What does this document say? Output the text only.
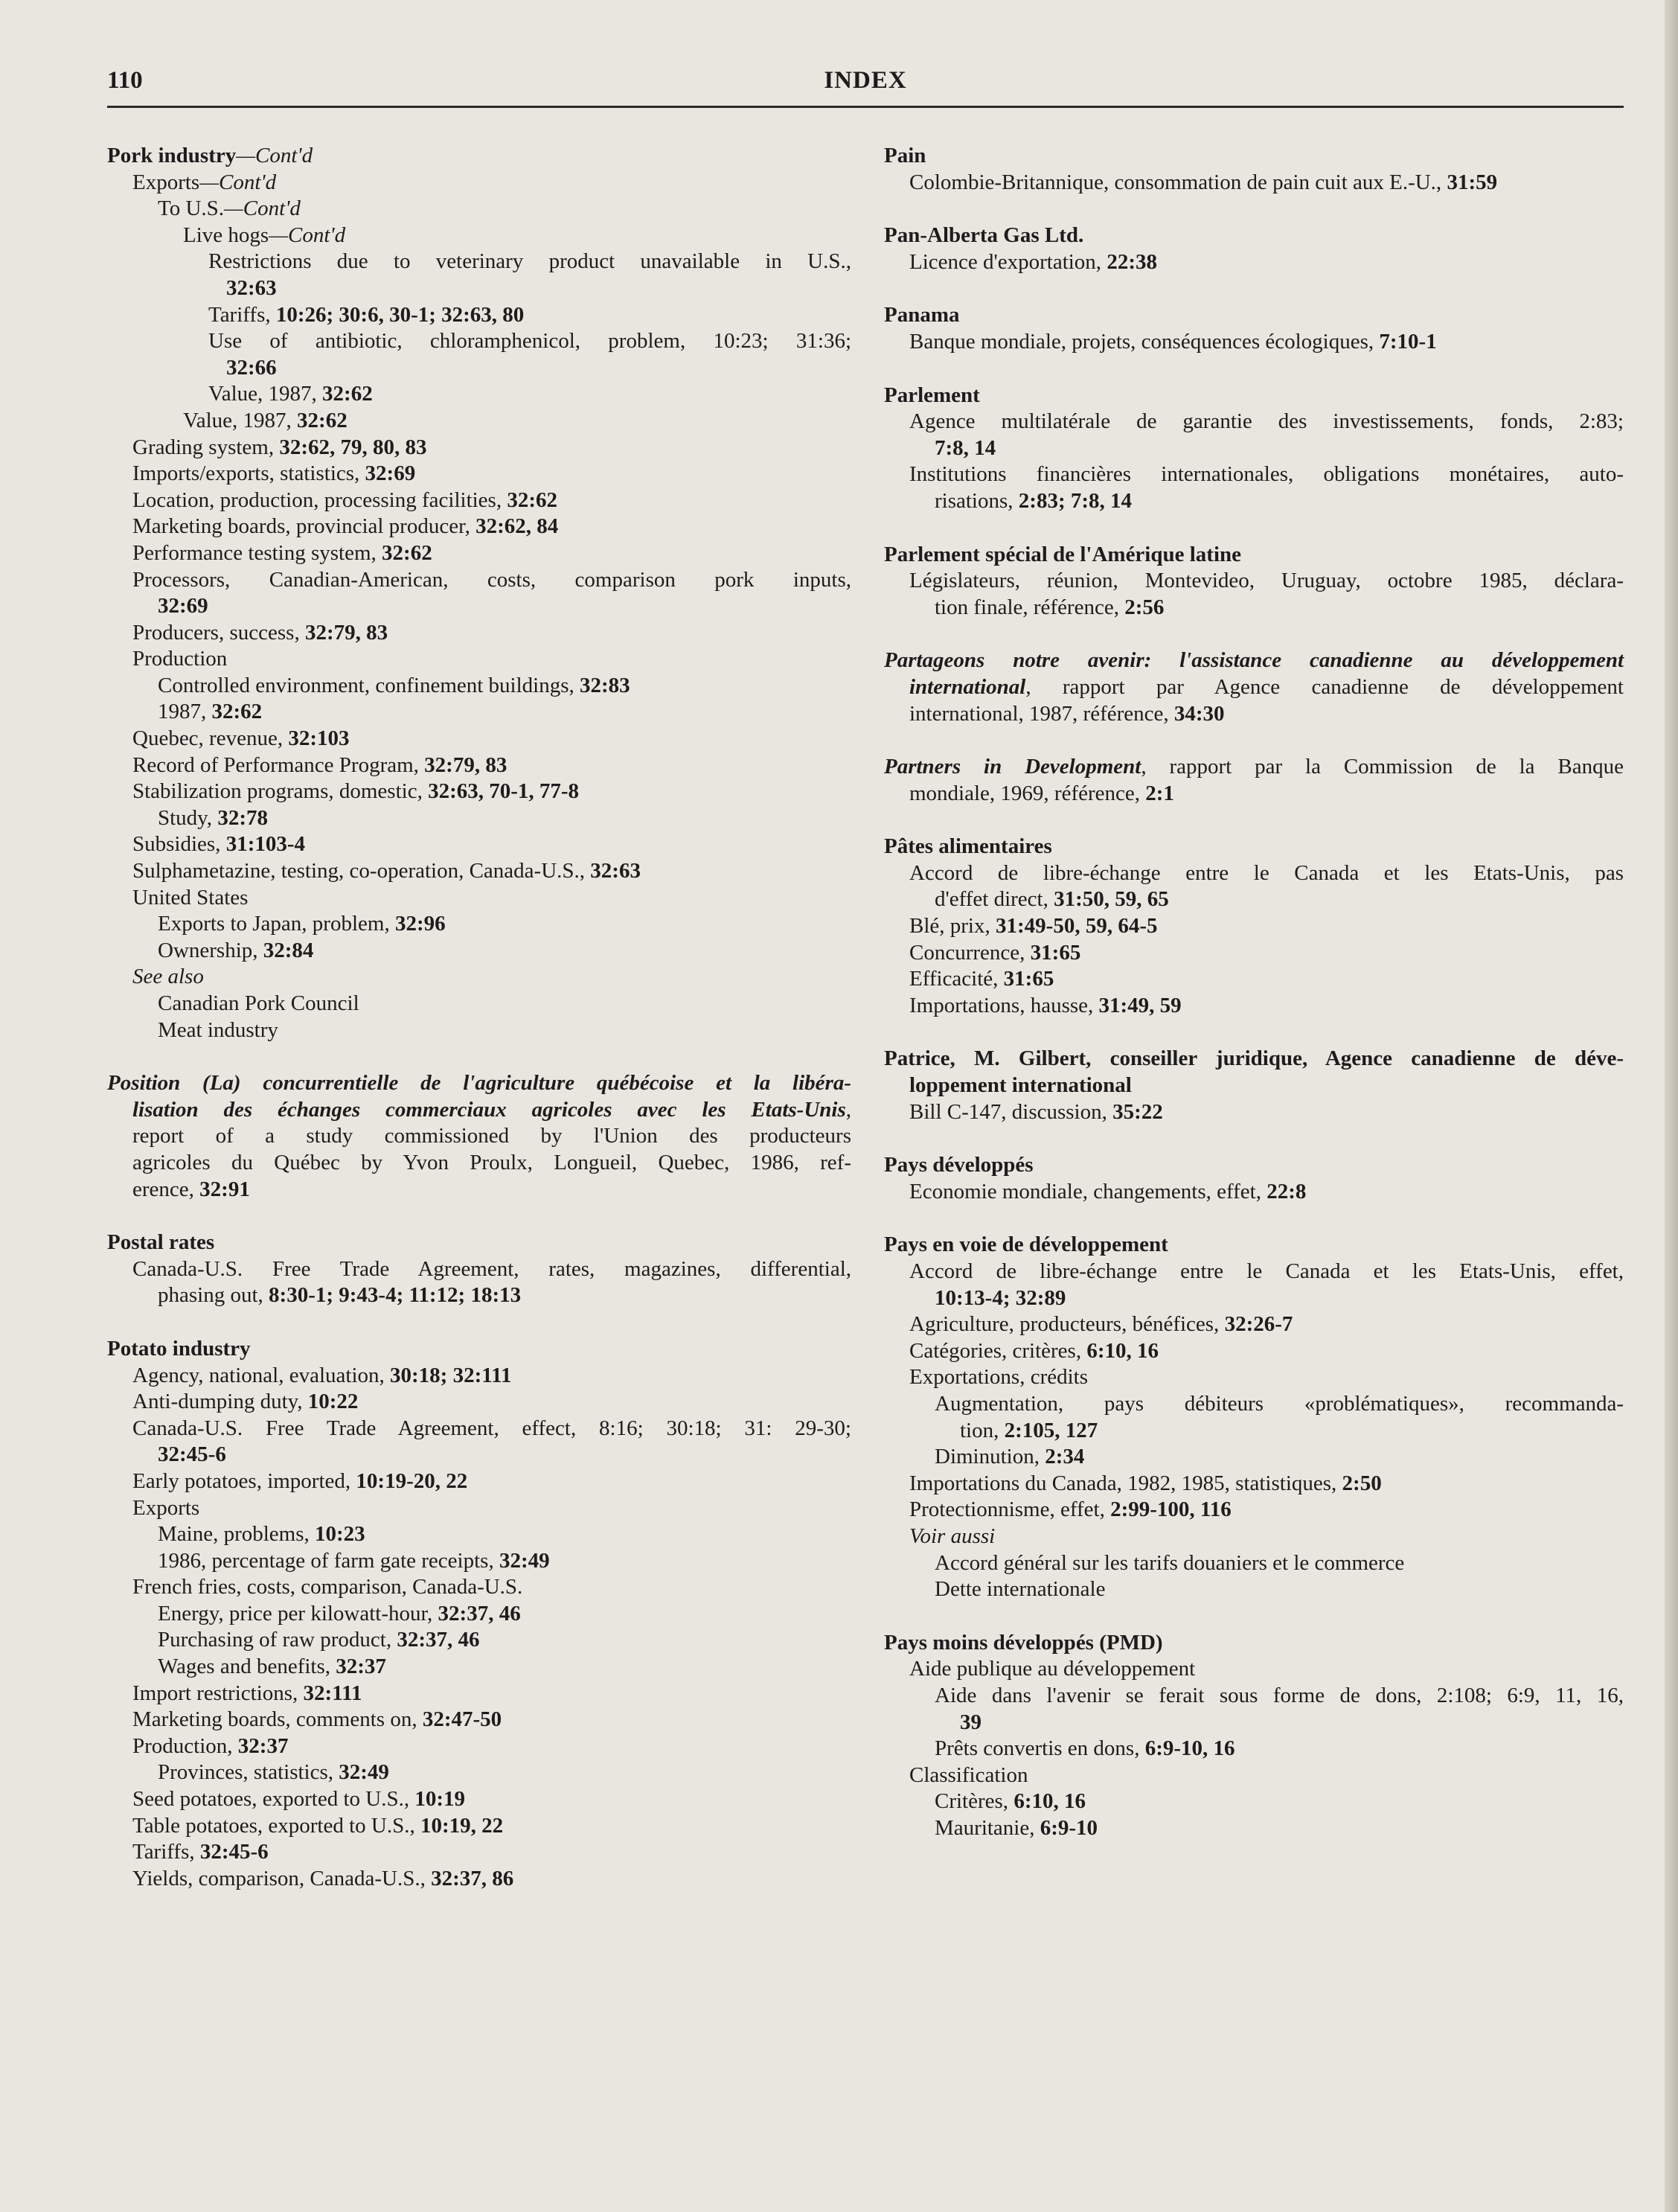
110	INDEX
Pork industry—Cont'd
Exports—Cont'd
To U.S.—Cont'd
Live hogs—Cont'd
Restrictions due to veterinary product unavailable in U.S.,
32:63
Tariffs, 10:26; 30:6, 30-1; 32:63, 80
Use of antibiotic, chloramphenicol, problem, 10:23; 31:36;
32:66
Value, 1987, 32:62
Value, 1987, 32:62
Grading system, 32:62, 79, 80, 83
Imports/exports, statistics, 32:69
Location, production, processing facilities, 32:62
Marketing boards, provincial producer, 32:62, 84
Performance testing system, 32:62
Processors, Canadian-American, costs, comparison pork inputs,
32:69
Producers, success, 32:79, 83
Production
Controlled environment, confinement buildings, 32:83
1987, 32:62
Quebec, revenue, 32:103
Record of Performance Program, 32:79, 83
Stabilization programs, domestic, 32:63, 70-1, 77-8
Study, 32:78
Subsidies, 31:103-4
Sulphametazine, testing, co-operation, Canada-U.S., 32:63
United States
Exports to Japan, problem, 32:96
Ownership, 32:84
See also
Canadian Pork Council
Meat industry
Position (La) concurrentielle de l'agriculture québécoise et la libéra-
lisation des échanges commerciaux agricoles avec les Etats-Unis,
report of a study commissioned by l'Union des producteurs
agricoles du Québec by Yvon Proulx, Longueil, Quebec, 1986, ref-
erence, 32:91
Postal rates
Canada-U.S. Free Trade Agreement, rates, magazines, differential,
phasing out, 8:30-1; 9:43-4; 11:12; 18:13
Potato industry
Agency, national, evaluation, 30:18; 32:111
Anti-dumping duty, 10:22
Canada-U.S. Free Trade Agreement, effect, 8:16; 30:18; 31: 29-30;
32:45-6
Early potatoes, imported, 10:19-20, 22
Exports
Maine, problems, 10:23
1986, percentage of farm gate receipts, 32:49
French fries, costs, comparison, Canada-U.S.
Energy, price per kilowatt-hour, 32:37, 46
Purchasing of raw product, 32:37, 46
Wages and benefits, 32:37
Import restrictions, 32:111
Marketing boards, comments on, 32:47-50
Production, 32:37
Provinces, statistics, 32:49
Seed potatoes, exported to U.S., 10:19
Table potatoes, exported to U.S., 10:19, 22
Tariffs, 32:45-6
Yields, comparison, Canada-U.S., 32:37, 86
Pain
Colombie-Britannique, consommation de pain cuit aux E.-U., 31:59
Pan-Alberta Gas Ltd.
Licence d'exportation, 22:38
Panama
Banque mondiale, projets, conséquences écologiques, 7:10-1
Parlement
Agence multilatérale de garantie des investissements, fonds, 2:83;
7:8, 14
Institutions financières internationales, obligations monétaires, auto-
risations, 2:83; 7:8, 14
Parlement spécial de l'Amérique latine
Législateurs, réunion, Montevideo, Uruguay, octobre 1985, déclara-
tion finale, référence, 2:56
Partageons notre avenir: l'assistance canadienne au développement
international, rapport par Agence canadienne de développement
international, 1987, référence, 34:30
Partners in Development, rapport par la Commission de la Banque
mondiale, 1969, référence, 2:1
Pâtes alimentaires
Accord de libre-échange entre le Canada et les Etats-Unis, pas
d'effet direct, 31:50, 59, 65
Blé, prix, 31:49-50, 59, 64-5
Concurrence, 31:65
Efficacité, 31:65
Importations, hausse, 31:49, 59
Patrice, M. Gilbert, conseiller juridique, Agence canadienne de déve-
loppement international
Bill C-147, discussion, 35:22
Pays développés
Economie mondiale, changements, effet, 22:8
Pays en voie de développement
Accord de libre-échange entre le Canada et les Etats-Unis, effet,
10:13-4; 32:89
Agriculture, producteurs, bénéfices, 32:26-7
Catégories, critères, 6:10, 16
Exportations, crédits
Augmentation, pays débiteurs «problématiques», recommanda-
tion, 2:105, 127
Diminution, 2:34
Importations du Canada, 1982, 1985, statistiques, 2:50
Protectionnisme, effet, 2:99-100, 116
Voir aussi
Accord général sur les tarifs douaniers et le commerce
Dette internationale
Pays moins développés (PMD)
Aide publique au développement
Aide dans l'avenir se ferait sous forme de dons, 2:108; 6:9, 11, 16,
39
Prêts convertis en dons, 6:9-10, 16
Classification
Critères, 6:10, 16
Mauritanie, 6:9-10
